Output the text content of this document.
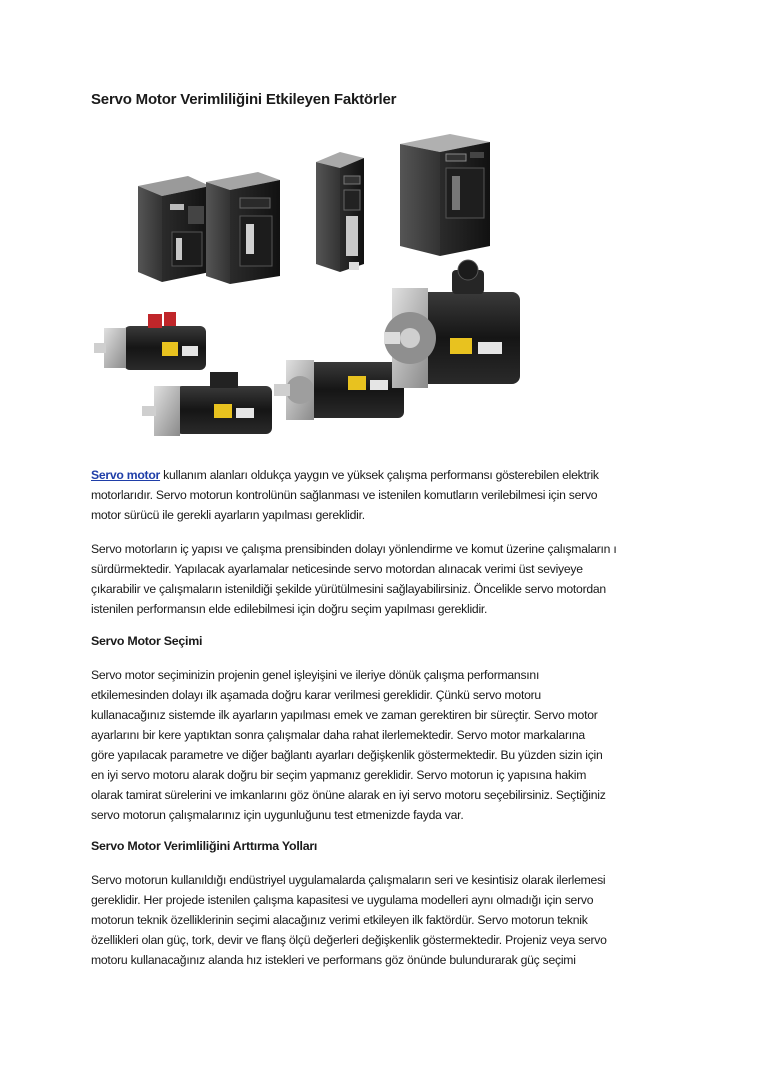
Servo Motor Verimliliğini Etkileyen Faktörler

Servo motor kullanım alanları oldukça yaygın ve yüksek çalışma performansı gösterebilen elektrik
motorlarıdır. Servo motorun kontrolünün sağlanması ve istenilen komutların verilebilmesi için servo
motor sürücü ile gerekli ayarların yapılması gereklidir.

Servo motorların iç yapısı ve çalışma prensibinden dolayı yönlendirme ve komut üzerine çalışmaların ı
sürdürmektedir. Yapılacak ayarlamalar neticesinde servo motordan alınacak verimi üst seviyeye
çıkarabilir ve çalışmaların istenildiği şekilde yürütülmesini sağlayabilirsiniz. Öncelikle servo motordan
istenilen performansın elde edilebilmesi için doğru seçim yapılması gereklidir.

Servo Motor Seçimi

Servo motor seçiminizin projenin genel işleyişini ve ileriye dönük çalışma performansını
etkilemesinden dolayı ilk aşamada doğru karar verilmesi gereklidir. Çünkü servo motoru
kullanacağınız sistemde ilk ayarların yapılması emek ve zaman gerektiren bir süreçtir. Servo motor
ayarlarını bir kere yaptıktan sonra çalışmalar daha rahat ilerlemektedir. Servo motor markalarına
göre yapılacak parametre ve diğer bağlantı ayarları değişkenlik göstermektedir. Bu yüzden sizin için
en iyi servo motoru alarak doğru bir seçim yapmanız gereklidir. Servo motorun iç yapısına hakim
olarak tamirat sürelerini ve imkanlarını göz önüne alarak en iyi servo motoru seçebilirsiniz. Seçtiğiniz
servo motorun çalışmalarınız için uygunluğunu test etmenizde fayda var.

Servo Motor Verimliliğini Arttırma Yolları

Servo motorun kullanıldığı endüstriyel uygulamalarda çalışmaların seri ve kesintisiz olarak ilerlemesi
gereklidir. Her projede istenilen çalışma kapasitesi ve uygulama modelleri aynı olmadığı için servo
motorun teknik özelliklerinin seçimi alacağınız verimi etkileyen ilk faktördür. Servo motorun teknik
özellikleri olan güç, tork, devir ve flanş ölçü değerleri değişkenlik göstermektedir. Projeniz veya servo
motoru kullanacağınız alanda hız istekleri ve performans göz önünde bulundurarak güç seçimi
